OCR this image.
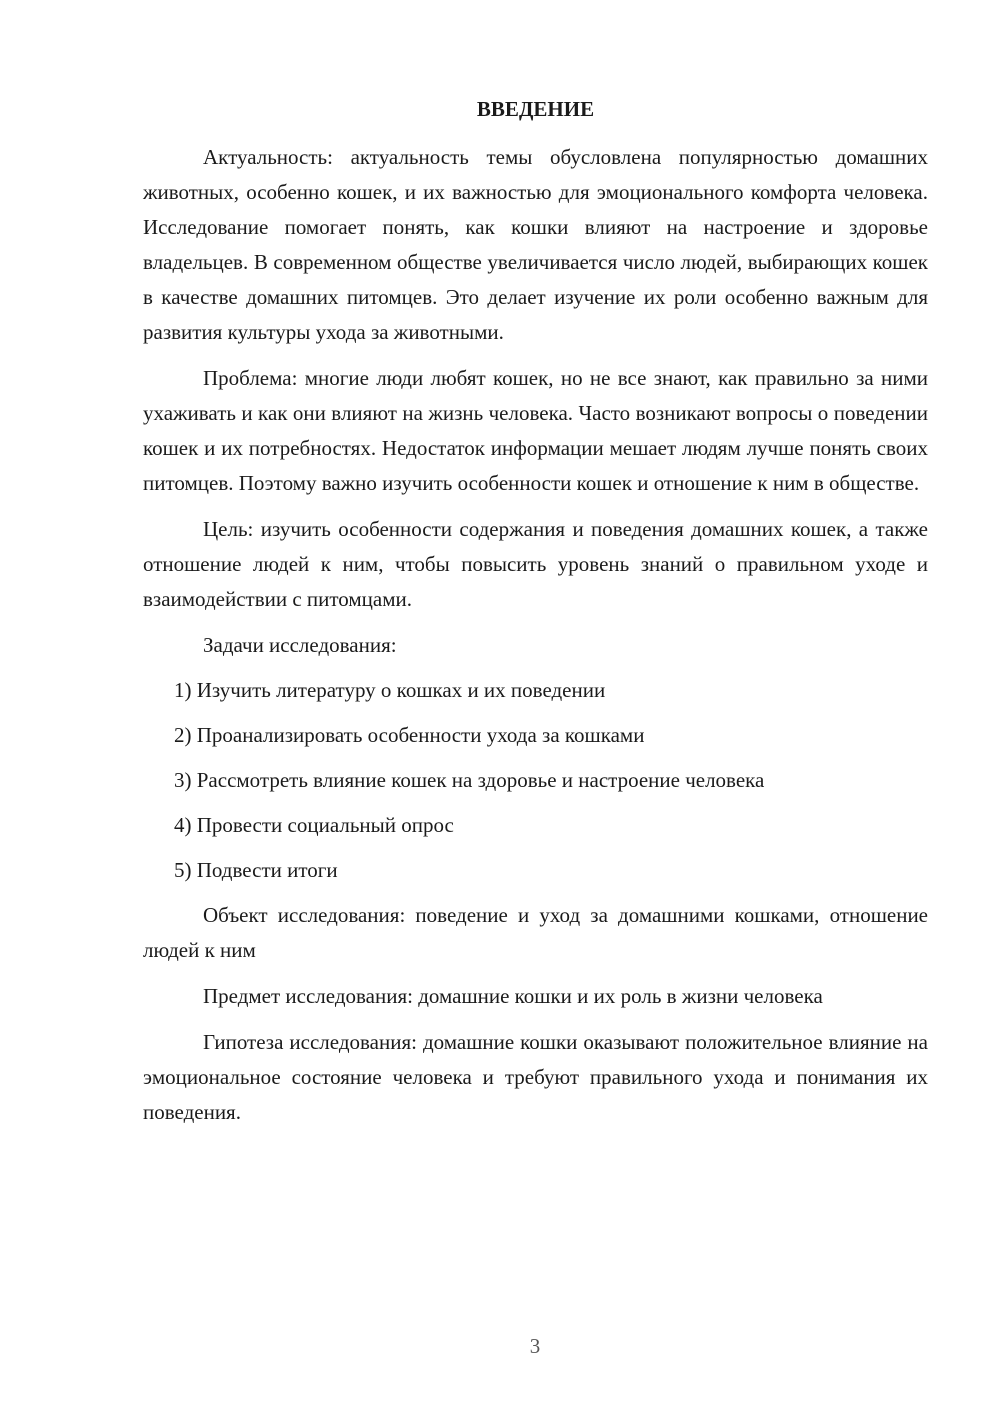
ВВЕДЕНИЕ

Актуальность: актуальность темы обусловлена популярностью домашних животных, особенно кошек, и их важностью для эмоционального комфорта человека. Исследование помогает понять, как кошки влияют на настроение и здоровье владельцев. В современном обществе увеличивается число людей, выбирающих кошек в качестве домашних питомцев. Это делает изучение их роли особенно важным для развития культуры ухода за животными.

Проблема: многие люди любят кошек, но не все знают, как правильно за ними ухаживать и как они влияют на жизнь человека. Часто возникают вопросы о поведении кошек и их потребностях. Недостаток информации мешает людям лучше понять своих питомцев. Поэтому важно изучить особенности кошек и отношение к ним в обществе.

Цель: изучить особенности содержания и поведения домашних кошек, а также отношение людей к ним, чтобы повысить уровень знаний о правильном уходе и взаимодействии с питомцами.

Задачи исследования:

1) Изучить литературу о кошках и их поведении
2) Проанализировать особенности ухода за кошками
3) Рассмотреть влияние кошек на здоровье и настроение человека
4) Провести социальный опрос
5) Подвести итоги

Объект исследования: поведение и уход за домашними кошками, отношение людей к ним

Предмет исследования: домашние кошки и их роль в жизни человека

Гипотеза исследования: домашние кошки оказывают положительное влияние на эмоциональное состояние человека и требуют правильного ухода и понимания их поведения.

3
